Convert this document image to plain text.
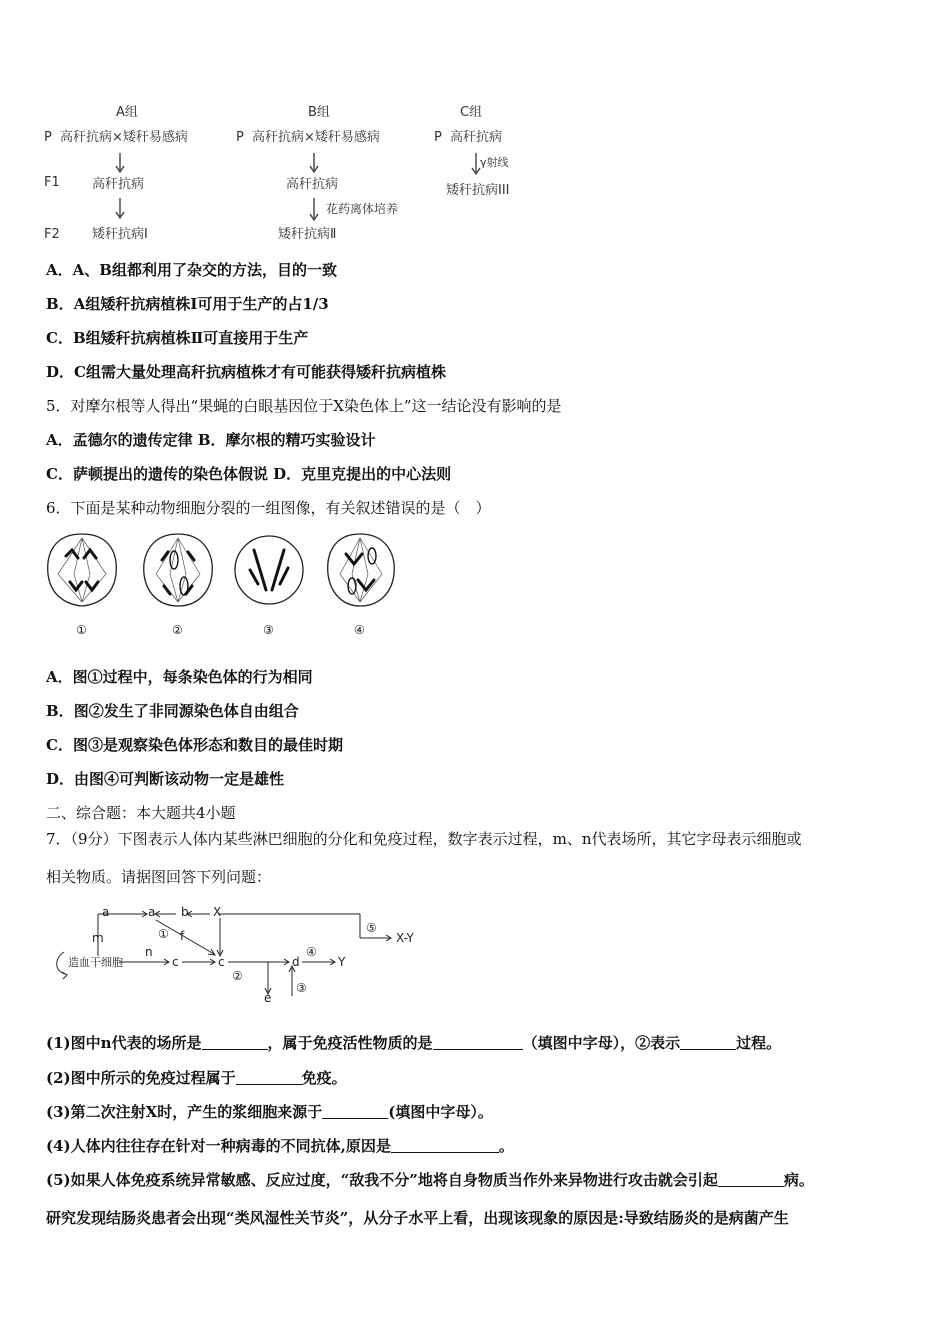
A组	B组	C组
P 高秆抗病×矮秆易感病	P 高秆抗病×矮秆易感病	P 高秆抗病
F1 高秆抗病	高秆抗病
γ射线
矮秆抗病III
花药离体培养
F2 矮秆抗病Ⅰ	矮秆抗病Ⅱ
A．A、B组都利用了杂交的方法，目的一致
B．A组矮秆抗病植株Ⅰ可用于生产的占1/3
C．B组矮秆抗病植株Ⅱ可直接用于生产
D．C组需大量处理高秆抗病植株才有可能获得矮秆抗病植株
5．对摩尔根等人得出“果蝇的白眼基因位于X染色体上”这一结论没有影响的是
A．孟德尔的遗传定律 B．摩尔根的精巧实验设计
C．萨顿提出的遗传的染色体假说 D．克里克提出的中心法则
6．下面是某种动物细胞分裂的一组图像，有关叙述错误的是（　）
①	②	③	④
A．图①过程中，每条染色体的行为相同
B．图②发生了非同源染色体自由组合
C．图③是观察染色体形态和数目的最佳时期
D．由图④可判断该动物一定是雄性
二、综合题：本大题共4小题
7．（9分）下图表示人体内某些淋巴细胞的分化和免疫过程，数字表示过程，m、n代表场所，其它字母表示细胞或
相关物质。请据图回答下列问题：
a	a b X
m	① f
造血干细胞
n
c	c
②
d
④
Y
⑤
X-Y
③
e
(1)图中n代表的场所是	，属于免疫活性物质的是	（填图中字母），②表示	过程。
(2)图中所示的免疫过程属于	免疫。
(3)第二次注射X时，产生的浆细胞来源于	(填图中字母）。
(4)人体内往往存在针对一种病毒的不同抗体,原因是	。
(5)如果人体免疫系统异常敏感、反应过度，“敌我不分”地将自身物质当作外来异物进行攻击就会引起	病。
研究发现结肠炎患者会出现“类风湿性关节炎”，从分子水平上看，出现该现象的原因是:导致结肠炎的是病菌产生
